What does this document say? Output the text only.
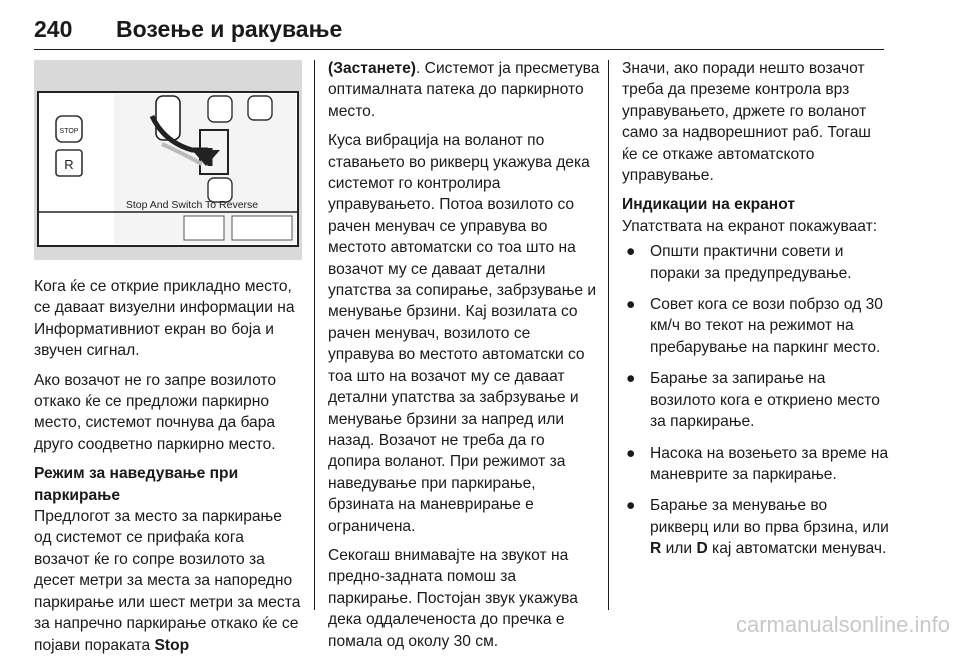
240 Возење и ракување
STOP
R
Stop And Switch To Reverse

Кога ќе се открие прикладно место, се даваат визуелни информации на Информативниот екран во боја и звучен сигнал.

Ако возачот не го запре возилото откако ќе се предложи паркирно место, системот почнува да бара друго соодветно паркирно место.

Режим за наведување при паркирање

Предлогот за место за паркирање од системот се прифаќа кога возачот ќе го сопре возилото за десет метри за места за напоредно паркирање или шест метри за места за напречно паркирање откако ќе се појави пораката Stop

(Застанете). Системот ја пресметува оптималната патека до паркирното место.

Куса вибрација на воланот по ставањето во рикверц укажува дека системот го контролира управувањето. Потоа возилото со рачен менувач се управува во местото автоматски со тоа што на возачот му се даваат детални упатства за сопирање, забрзување и менување брзини. Кај возилата со рачен менувач, возилото се управува во местото автоматски со тоа што на возачот му се даваат детални упатства за забрзување и менување брзини за напред или назад. Возачот не треба да го допира воланот. При режимот за наведување при паркирање, брзината на маневрирање е ограничена.

Секогаш внимавајте на звукот на предно-задната помош за паркирање. Постојан звук укажува дека оддалеченоста до пречка е помала од околу 30 см.

Значи, ако поради нешто возачот треба да преземе контрола врз управувањето, држете го воланот само за надворешниот раб. Тогаш ќе се откаже автоматското управување.

Индикации на екранот

Упатствата на екранот покажуваат:

● Општи практични совети и пораки за предупредување.
● Совет кога се вози побрзо од 30 км/ч во текот на режимот на пребарување на паркинг место.
● Барање за запирање на возилото кога е откриено место за паркирање.
● Насока на возењето за време на маневрите за паркирање.
● Барање за менување во рикверц или во прва брзина, или R или D кај автоматски менувач.
carmanualsonline.info
